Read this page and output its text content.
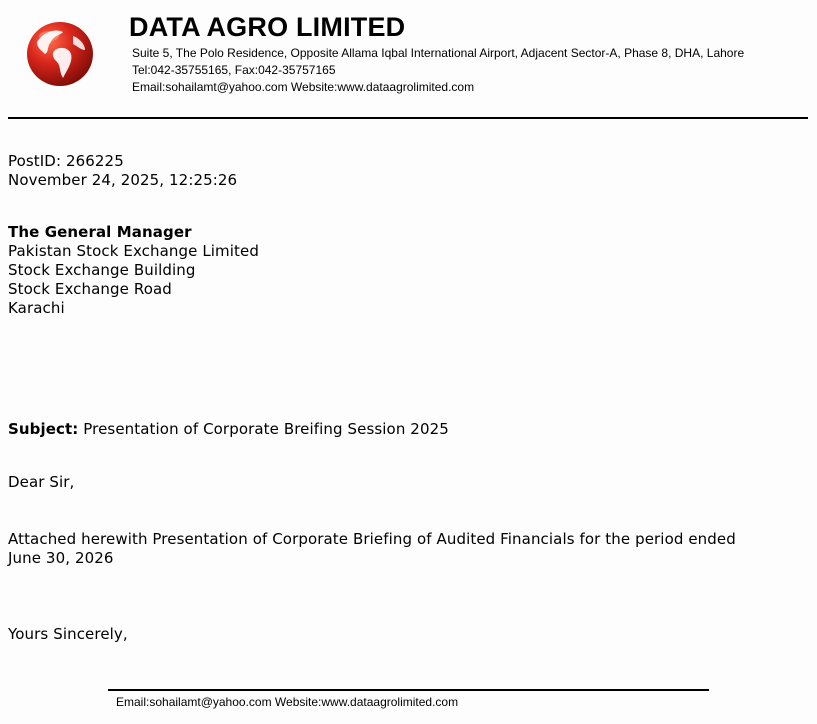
DATA AGRO LIMITED
Suite 5, The Polo Residence, Opposite Allama Iqbal International Airport, Adjacent Sector-A, Phase 8, DHA, Lahore
Tel:042-35755165, Fax:042-35757165
Email:sohailamt@yahoo.com Website:www.dataagrolimited.com
PostID: 266225
November 24, 2025, 12:25:26
The General Manager
Pakistan Stock Exchange Limited
Stock Exchange Building
Stock Exchange Road
Karachi
Subject: Presentation of Corporate Breifing Session 2025
Dear Sir,
Attached herewith Presentation of Corporate Briefing of Audited Financials for the period ended
June 30, 2026
Yours Sincerely,
Email:sohailamt@yahoo.com Website:www.dataagrolimited.com
